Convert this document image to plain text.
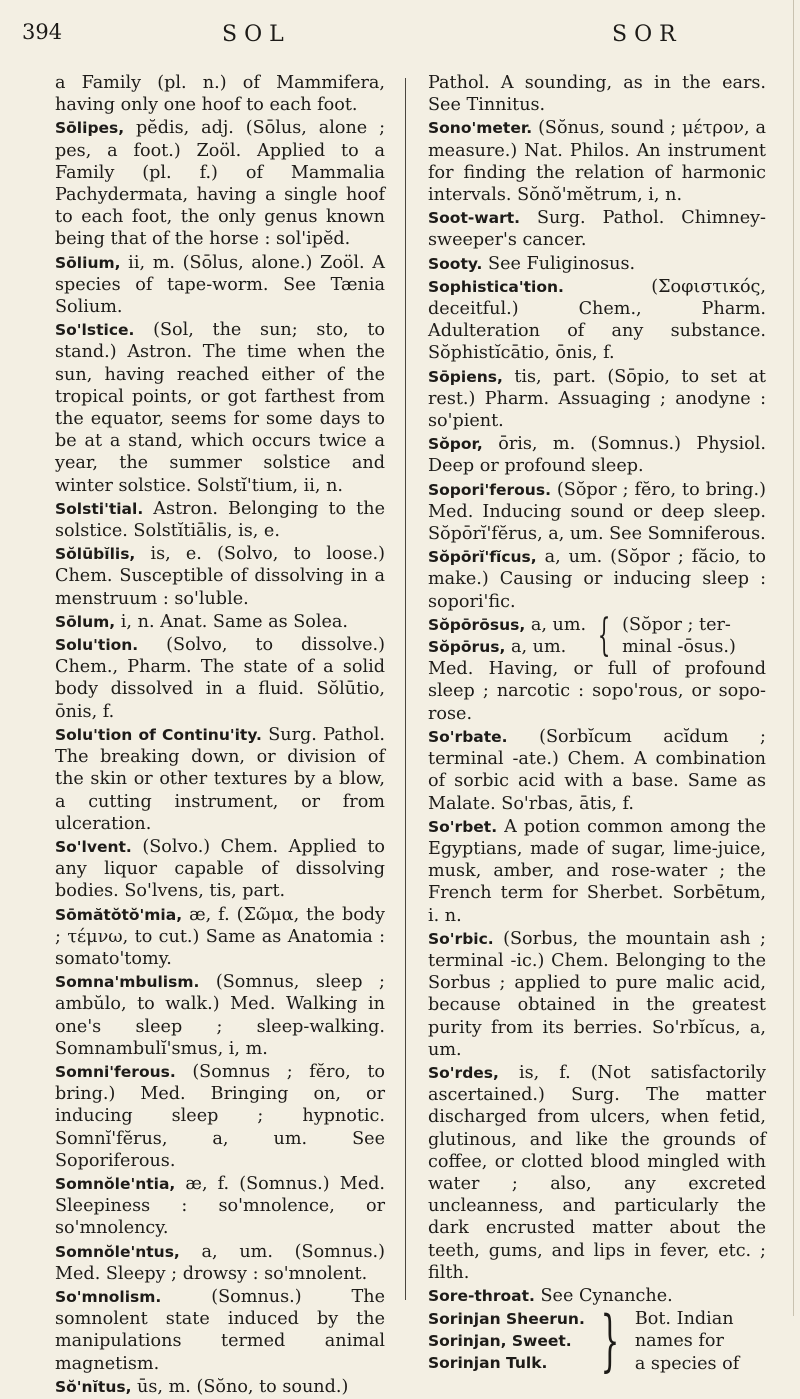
394	SOL	SOR

a Family (pl. n.) of Mammifera, having only one hoof to each foot.

Sōlipes, pĕdis, adj. (Sōlus, alone ; pes, a foot.) Zoöl. Applied to a Family (pl. f.) of Mammalia Pachydermata, having a single hoof to each foot, the only genus known being that of the horse : sol'ipĕd.

Sōlium, ii, m. (Sōlus, alone.) Zoöl. A species of tape-worm. See Tænia Solium.

So'lstice. (Sol, the sun; sto, to stand.) Astron. The time when the sun, having reached either of the tropical points, or got farthest from the equator, seems for some days to be at a stand, which occurs twice a year, the summer solstice and winter solstice. Solstĭ'tium, ii, n.

Solsti'tial. Astron. Belonging to the solstice. Solstĭtiālis, is, e.

Sŏlūbĭlis, is, e. (Solvo, to loose.) Chem. Susceptible of dissolving in a menstruum : so'luble.

Sōlum, i, n. Anat. Same as Solea.

Solu'tion. (Solvo, to dissolve.) Chem., Pharm. The state of a solid body dissolved in a fluid. Sŏlūtio, ōnis, f.

Solu'tion of Continu'ity. Surg. Pathol. The breaking down, or division of the skin or other textures by a blow, a cutting instrument, or from ulceration.

So'lvent. (Solvo.) Chem. Applied to any liquor capable of dissolving bodies. So'lvens, tis, part.

Sōmătŏtŏ'mia, æ, f. (Σῶμα, the body ; τέμνω, to cut.) Same as Anatomia : somato'tomy.

Somna'mbulism. (Somnus, sleep ; ambŭlo, to walk.) Med. Walking in one's sleep ; sleep-walking. Somnambulĭ'smus, i, m.

Somni'ferous. (Somnus ; fĕro, to bring.) Med. Bringing on, or inducing sleep ; hypnotic. Somnĭ'fĕrus, a, um. See Soporiferous.

Somnŏle'ntia, æ, f. (Somnus.) Med. Sleepiness : so'mnolence, or so'mnolency.

Somnŏle'ntus, a, um. (Somnus.) Med. Sleepy ; drowsy : so'mnolent.

So'mnolism. (Somnus.) The somnolent state induced by the manipulations termed animal magnetism.

Sŏ'nĭtus, ūs, m. (Sŏno, to sound.)

Pathol. A sounding, as in the ears. See Tinnitus.

Sono'meter. (Sŏnus, sound ; μέτρον, a measure.) Nat. Philos. An instrument for finding the relation of harmonic intervals. Sŏnŏ'mĕtrum, i, n.

Soot-wart. Surg. Pathol. Chimney-sweeper's cancer.

Sooty. See Fuliginosus.

Sophistica'tion. (Σοφιστικός, deceitful.) Chem., Pharm. Adulteration of any substance. Sŏphistĭcātio, ōnis, f.

Sōpiens, tis, part. (Sōpio, to set at rest.) Pharm. Assuaging ; anodyne : so'pient.

Sŏpor, ōris, m. (Somnus.) Physiol. Deep or profound sleep.

Sopori'ferous. (Sŏpor ; fĕro, to bring.) Med. Inducing sound or deep sleep. Sŏpōrĭ'fĕrus, a, um. See Somniferous.

Sŏpōrĭ'fĭcus, a, um. (Sŏpor ; făcio, to make.) Causing or inducing sleep : sopori'fic.

Sŏpōrōsus, a, um.
Sŏpōrus, a, um. { (Sŏpor ; ter-
minal -ōsus.)

Med. Having, or full of profound sleep ; narcotic : sopo'rous, or sopo-rose.

So'rbate. (Sorbĭcum acĭdum ; terminal -ate.) Chem. A combination of sorbic acid with a base. Same as Malate. So'rbas, ātis, f.

So'rbet. A potion common among the Egyptians, made of sugar, lime-juice, musk, amber, and rose-water ; the French term for Sherbet. Sorbētum, i. n.

So'rbic. (Sorbus, the mountain ash ; terminal -ic.) Chem. Belonging to the Sorbus ; applied to pure malic acid, because obtained in the greatest purity from its berries. So'rbĭcus, a, um.

So'rdes, is, f. (Not satisfactorily ascertained.) Surg. The matter discharged from ulcers, when fetid, glutinous, and like the grounds of coffee, or clotted blood mingled with water ; also, any excreted uncleanness, and particularly the dark encrusted matter about the teeth, gums, and lips in fever, etc. ; filth.

Sore-throat. See Cynanche.

Sorinjan Sheerun.
Sorinjan, Sweet.
Sorinjan Tulk. } Bot. Indian
names for
a species of
